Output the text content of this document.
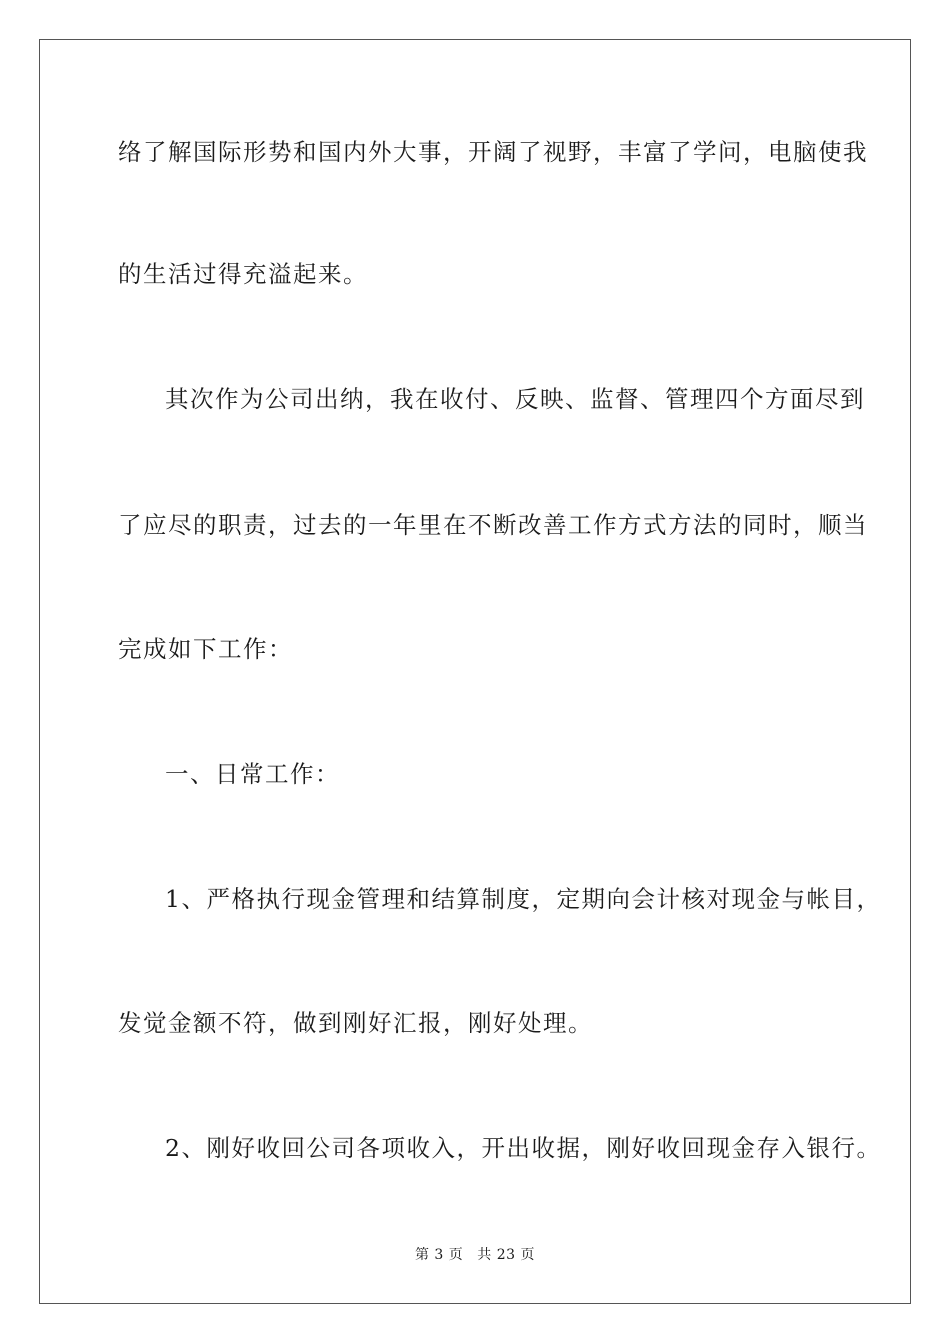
络了解国际形势和国内外大事，开阔了视野，丰富了学问，电脑使我
的生活过得充溢起来。
其次作为公司出纳，我在收付、反映、监督、管理四个方面尽到
了应尽的职责，过去的一年里在不断改善工作方式方法的同时，顺当
完成如下工作：
一、日常工作：
1、严格执行现金管理和结算制度，定期向会计核对现金与帐目，
发觉金额不符，做到刚好汇报，刚好处理。
2、刚好收回公司各项收入，开出收据，刚好收回现金存入银行。
第 3 页 共 23 页
